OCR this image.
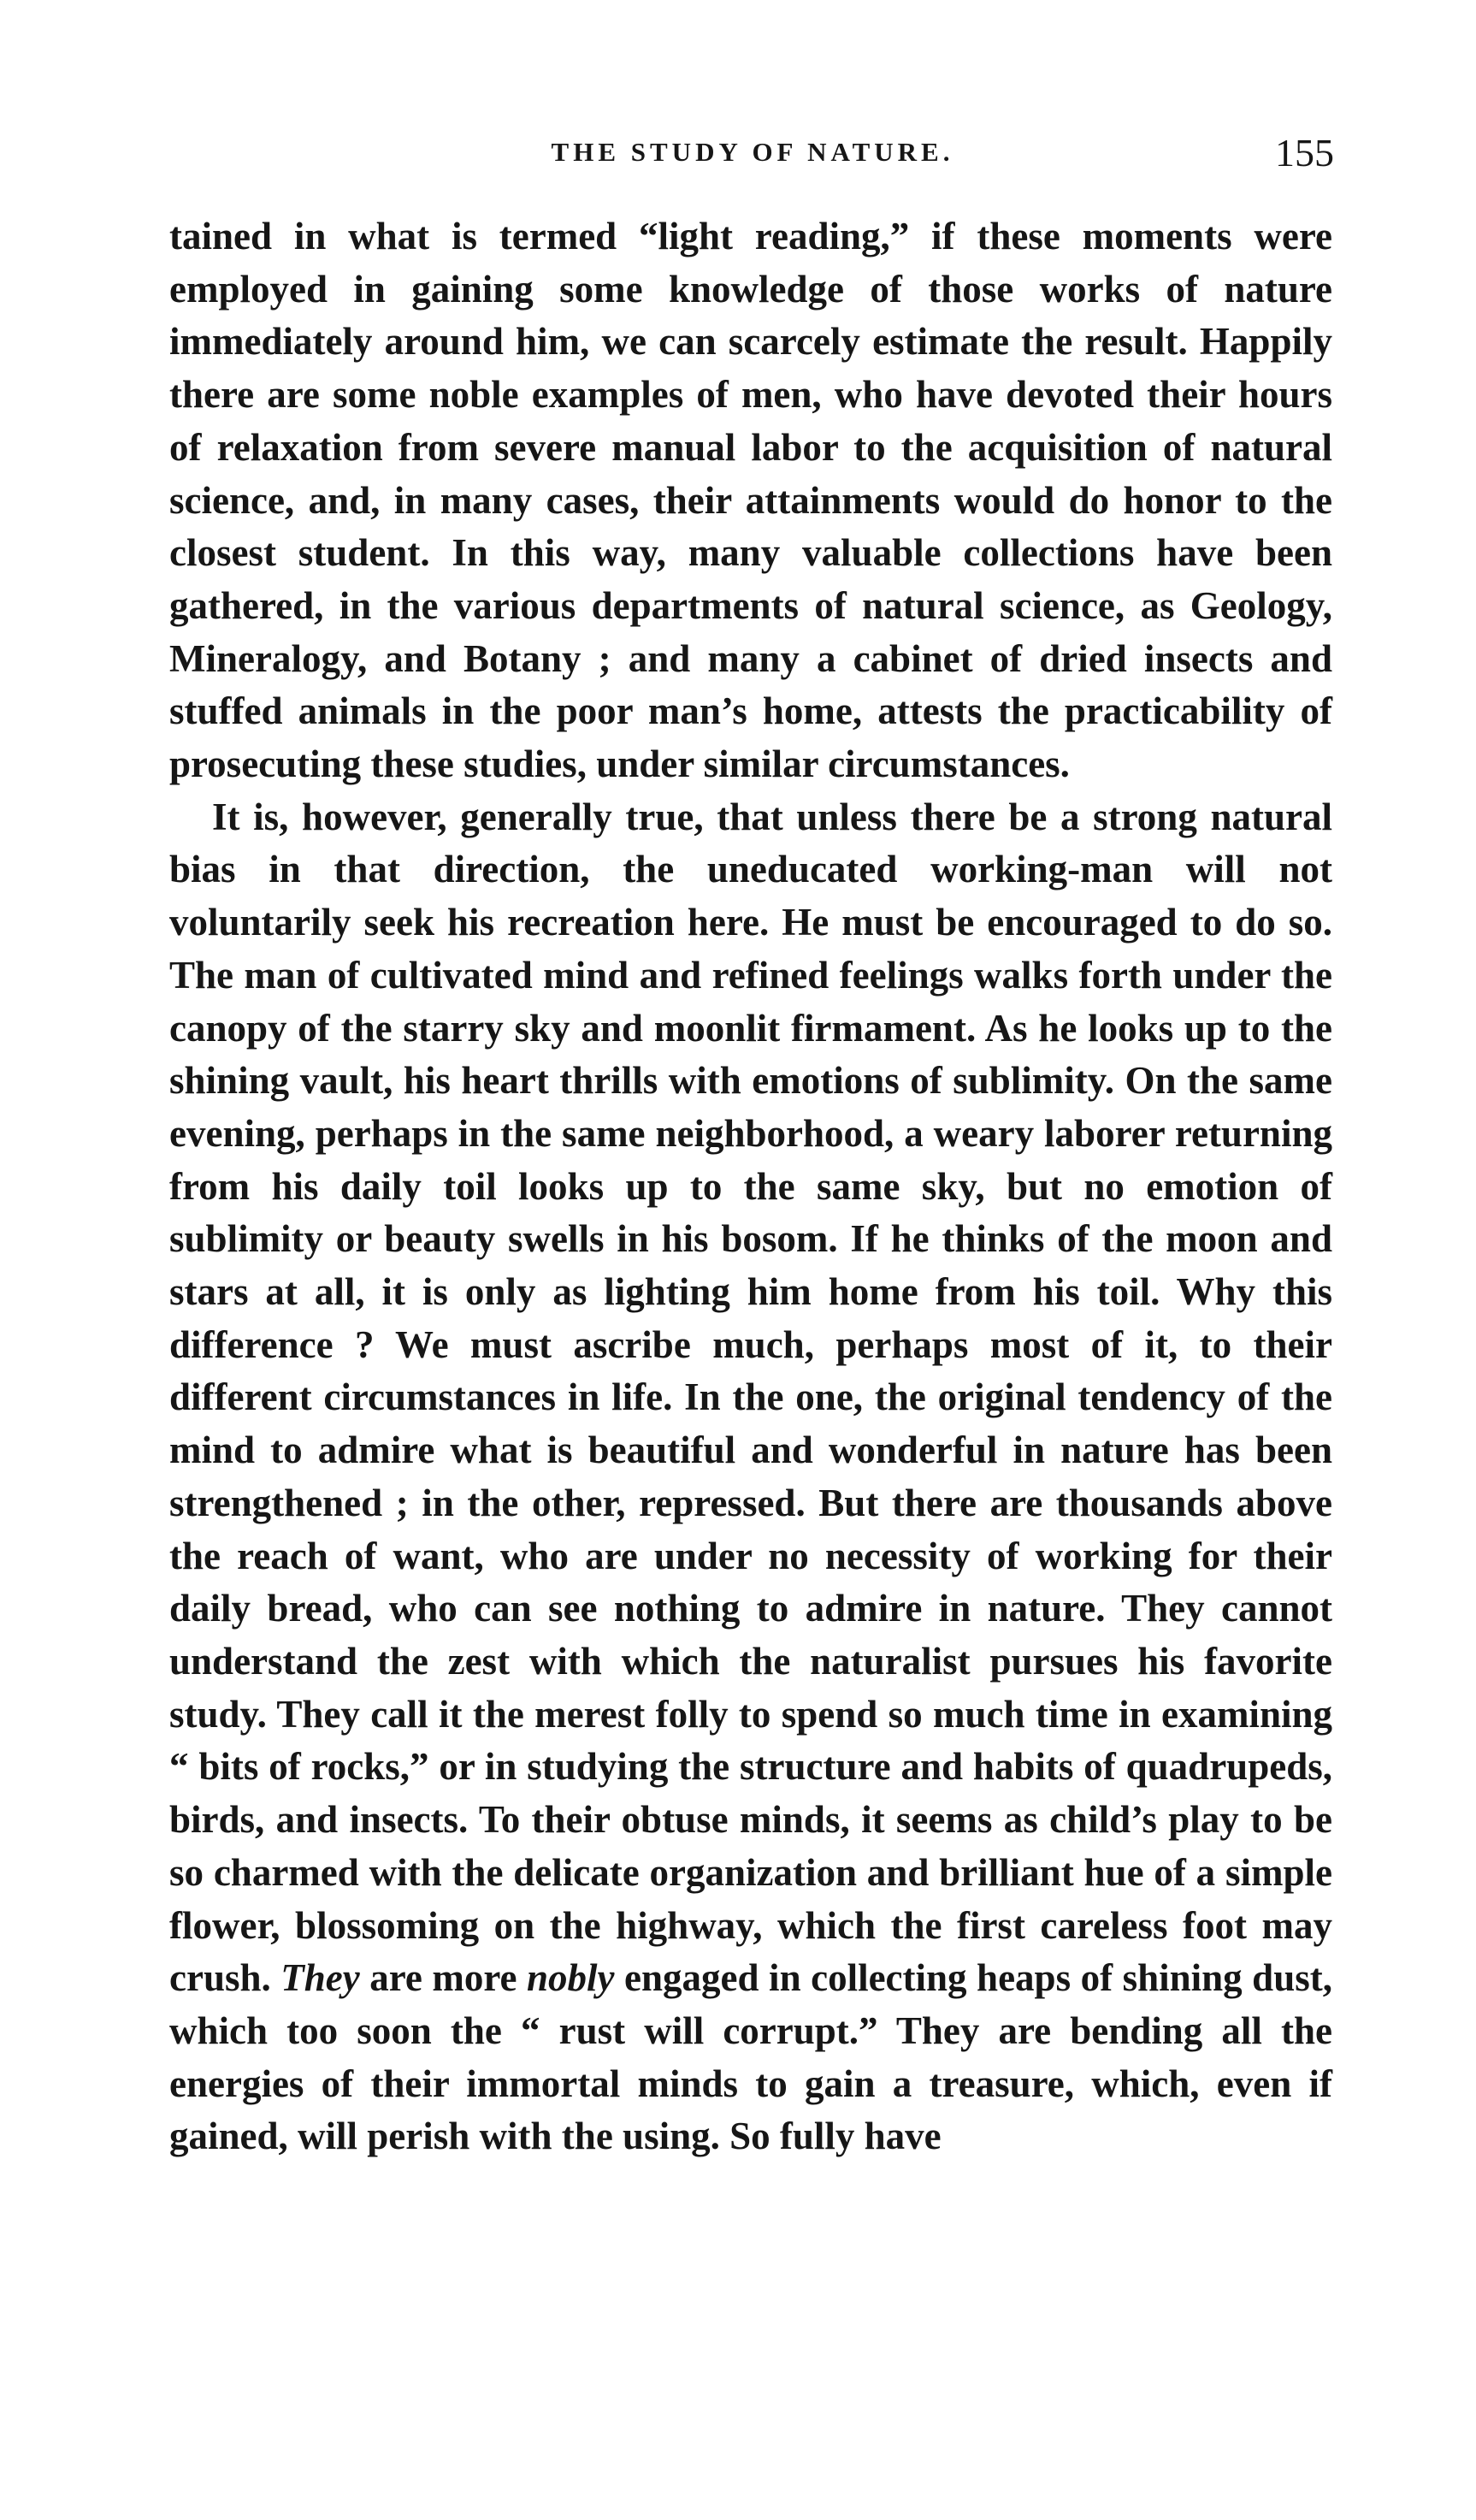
THE STUDY OF NATURE.	155

tained in what is termed “light reading,” if these moments were employed in gaining some knowledge of those works of nature immediately around him, we can scarcely estimate the result. Happily there are some noble examples of men, who have devoted their hours of relaxation from severe manual labor to the acquisition of natural science, and, in many cases, their attainments would do honor to the closest student. In this way, many valuable collections have been gathered, in the various departments of natural science, as Geology, Mineralogy, and Botany ; and many a cabinet of dried insects and stuffed animals in the poor man’s home, attests the practicability of prosecuting these studies, under similar circumstances.

It is, however, generally true, that unless there be a strong natural bias in that direction, the uneducated working-man will not voluntarily seek his recreation here. He must be encouraged to do so. The man of cultivated mind and refined feelings walks forth under the canopy of the starry sky and moonlit firmament. As he looks up to the shining vault, his heart thrills with emotions of sublimity. On the same evening, perhaps in the same neighborhood, a weary laborer returning from his daily toil looks up to the same sky, but no emotion of sublimity or beauty swells in his bosom. If he thinks of the moon and stars at all, it is only as lighting him home from his toil. Why this difference ? We must ascribe much, perhaps most of it, to their different circumstances in life. In the one, the original tendency of the mind to admire what is beautiful and wonderful in nature has been strengthened ; in the other, repressed. But there are thousands above the reach of want, who are under no necessity of working for their daily bread, who can see nothing to admire in nature. They cannot understand the zest with which the naturalist pursues his favorite study. They call it the merest folly to spend so much time in examining “ bits of rocks,” or in studying the structure and habits of quadrupeds, birds, and insects. To their obtuse minds, it seems as child’s play to be so charmed with the delicate organization and brilliant hue of a simple flower, blossoming on the highway, which the first careless foot may crush. They are more nobly engaged in collecting heaps of shining dust, which too soon the “ rust will corrupt.” They are bending all the energies of their immortal minds to gain a treasure, which, even if gained, will perish with the using. So fully have
